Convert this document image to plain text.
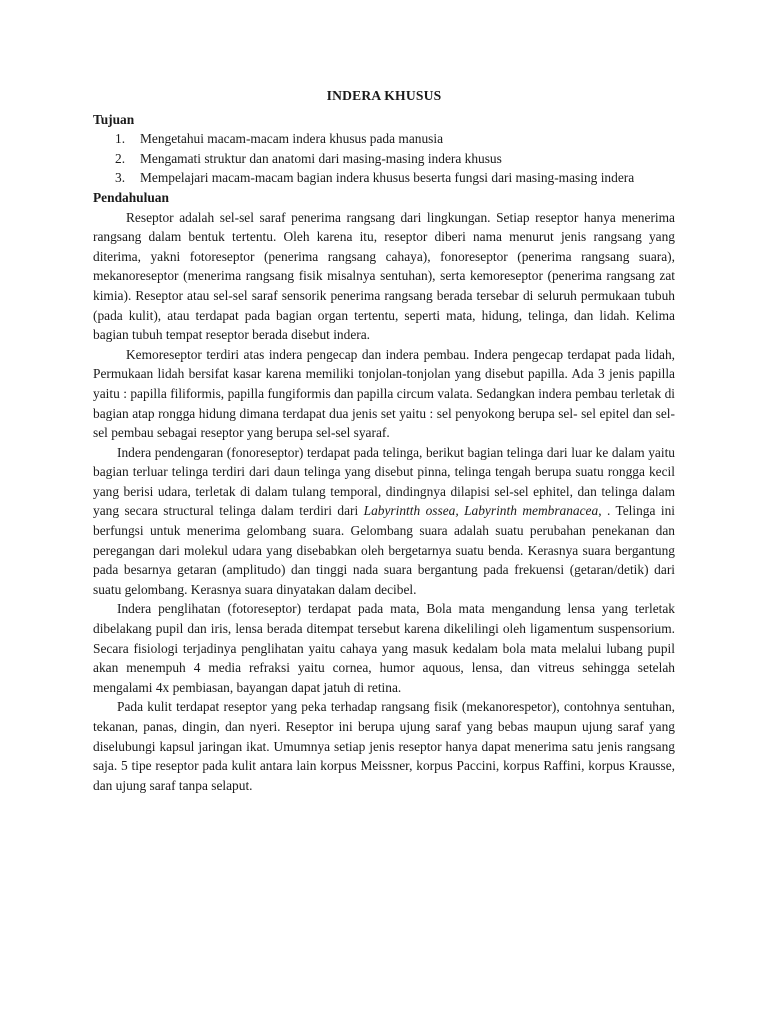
INDERA KHUSUS
Tujuan
1. Mengetahui macam-macam indera khusus pada manusia
2. Mengamati struktur dan anatomi dari masing-masing indera khusus
3. Mempelajari macam-macam bagian indera khusus beserta fungsi dari masing-masing indera
Pendahuluan

Reseptor adalah sel-sel saraf penerima rangsang dari lingkungan. Setiap reseptor hanya menerima rangsang dalam bentuk tertentu. Oleh karena itu, reseptor diberi nama menurut jenis rangsang yang diterima, yakni fotoreseptor (penerima rangsang cahaya), fonoreseptor (penerima rangsang suara), mekanoreseptor (menerima rangsang fisik misalnya sentuhan), serta kemoreseptor (penerima rangsang zat kimia). Reseptor atau sel-sel saraf sensorik penerima rangsang berada tersebar di seluruh permukaan tubuh (pada kulit), atau terdapat pada bagian organ tertentu, seperti mata, hidung, telinga, dan lidah. Kelima bagian tubuh tempat reseptor berada disebut indera.

Kemoreseptor terdiri atas indera pengecap dan indera pembau. Indera pengecap terdapat pada lidah, Permukaan lidah bersifat kasar karena memiliki tonjolan-tonjolan yang disebut papilla. Ada 3 jenis papilla yaitu : papilla filiformis, papilla fungiformis dan papilla circum valata. Sedangkan indera pembau terletak di bagian atap rongga hidung dimana terdapat dua jenis set yaitu : sel penyokong berupa sel- sel epitel dan sel-sel pembau sebagai reseptor yang berupa sel-sel syaraf.

Indera pendengaran (fonoreseptor) terdapat pada telinga, berikut bagian telinga dari luar ke dalam yaitu bagian terluar telinga terdiri dari daun telinga yang disebut pinna, telinga tengah berupa suatu rongga kecil yang berisi udara, terletak di dalam tulang temporal, dindingnya dilapisi sel-sel ephitel, dan telinga dalam yang secara structural telinga dalam terdiri dari Labyrintth ossea, Labyrinth membranacea, . Telinga ini berfungsi untuk menerima gelombang suara. Gelombang suara adalah suatu perubahan penekanan dan peregangan dari molekul udara yang disebabkan oleh bergetarnya suatu benda. Kerasnya suara bergantung pada besarnya getaran (amplitudo) dan tinggi nada suara bergantung pada frekuensi (getaran/detik) dari suatu gelombang. Kerasnya suara dinyatakan dalam decibel.

Indera penglihatan (fotoreseptor) terdapat pada mata, Bola mata mengandung lensa yang terletak dibelakang pupil dan iris, lensa berada ditempat tersebut karena dikelilingi oleh ligamentum suspensorium. Secara fisiologi terjadinya penglihatan yaitu cahaya yang masuk kedalam bola mata melalui lubang pupil akan menempuh 4 media refraksi yaitu cornea, humor aquous, lensa, dan vitreus sehingga setelah mengalami 4x pembiasan, bayangan dapat jatuh di retina.

Pada kulit terdapat reseptor yang peka terhadap rangsang fisik (mekanorespetor), contohnya sentuhan, tekanan, panas, dingin, dan nyeri. Reseptor ini berupa ujung saraf yang bebas maupun ujung saraf yang diselubungi kapsul jaringan ikat. Umumnya setiap jenis reseptor hanya dapat menerima satu jenis rangsang saja. 5 tipe reseptor pada kulit antara lain korpus Meissner, korpus Paccini, korpus Raffini, korpus Krausse, dan ujung saraf tanpa selaput.
